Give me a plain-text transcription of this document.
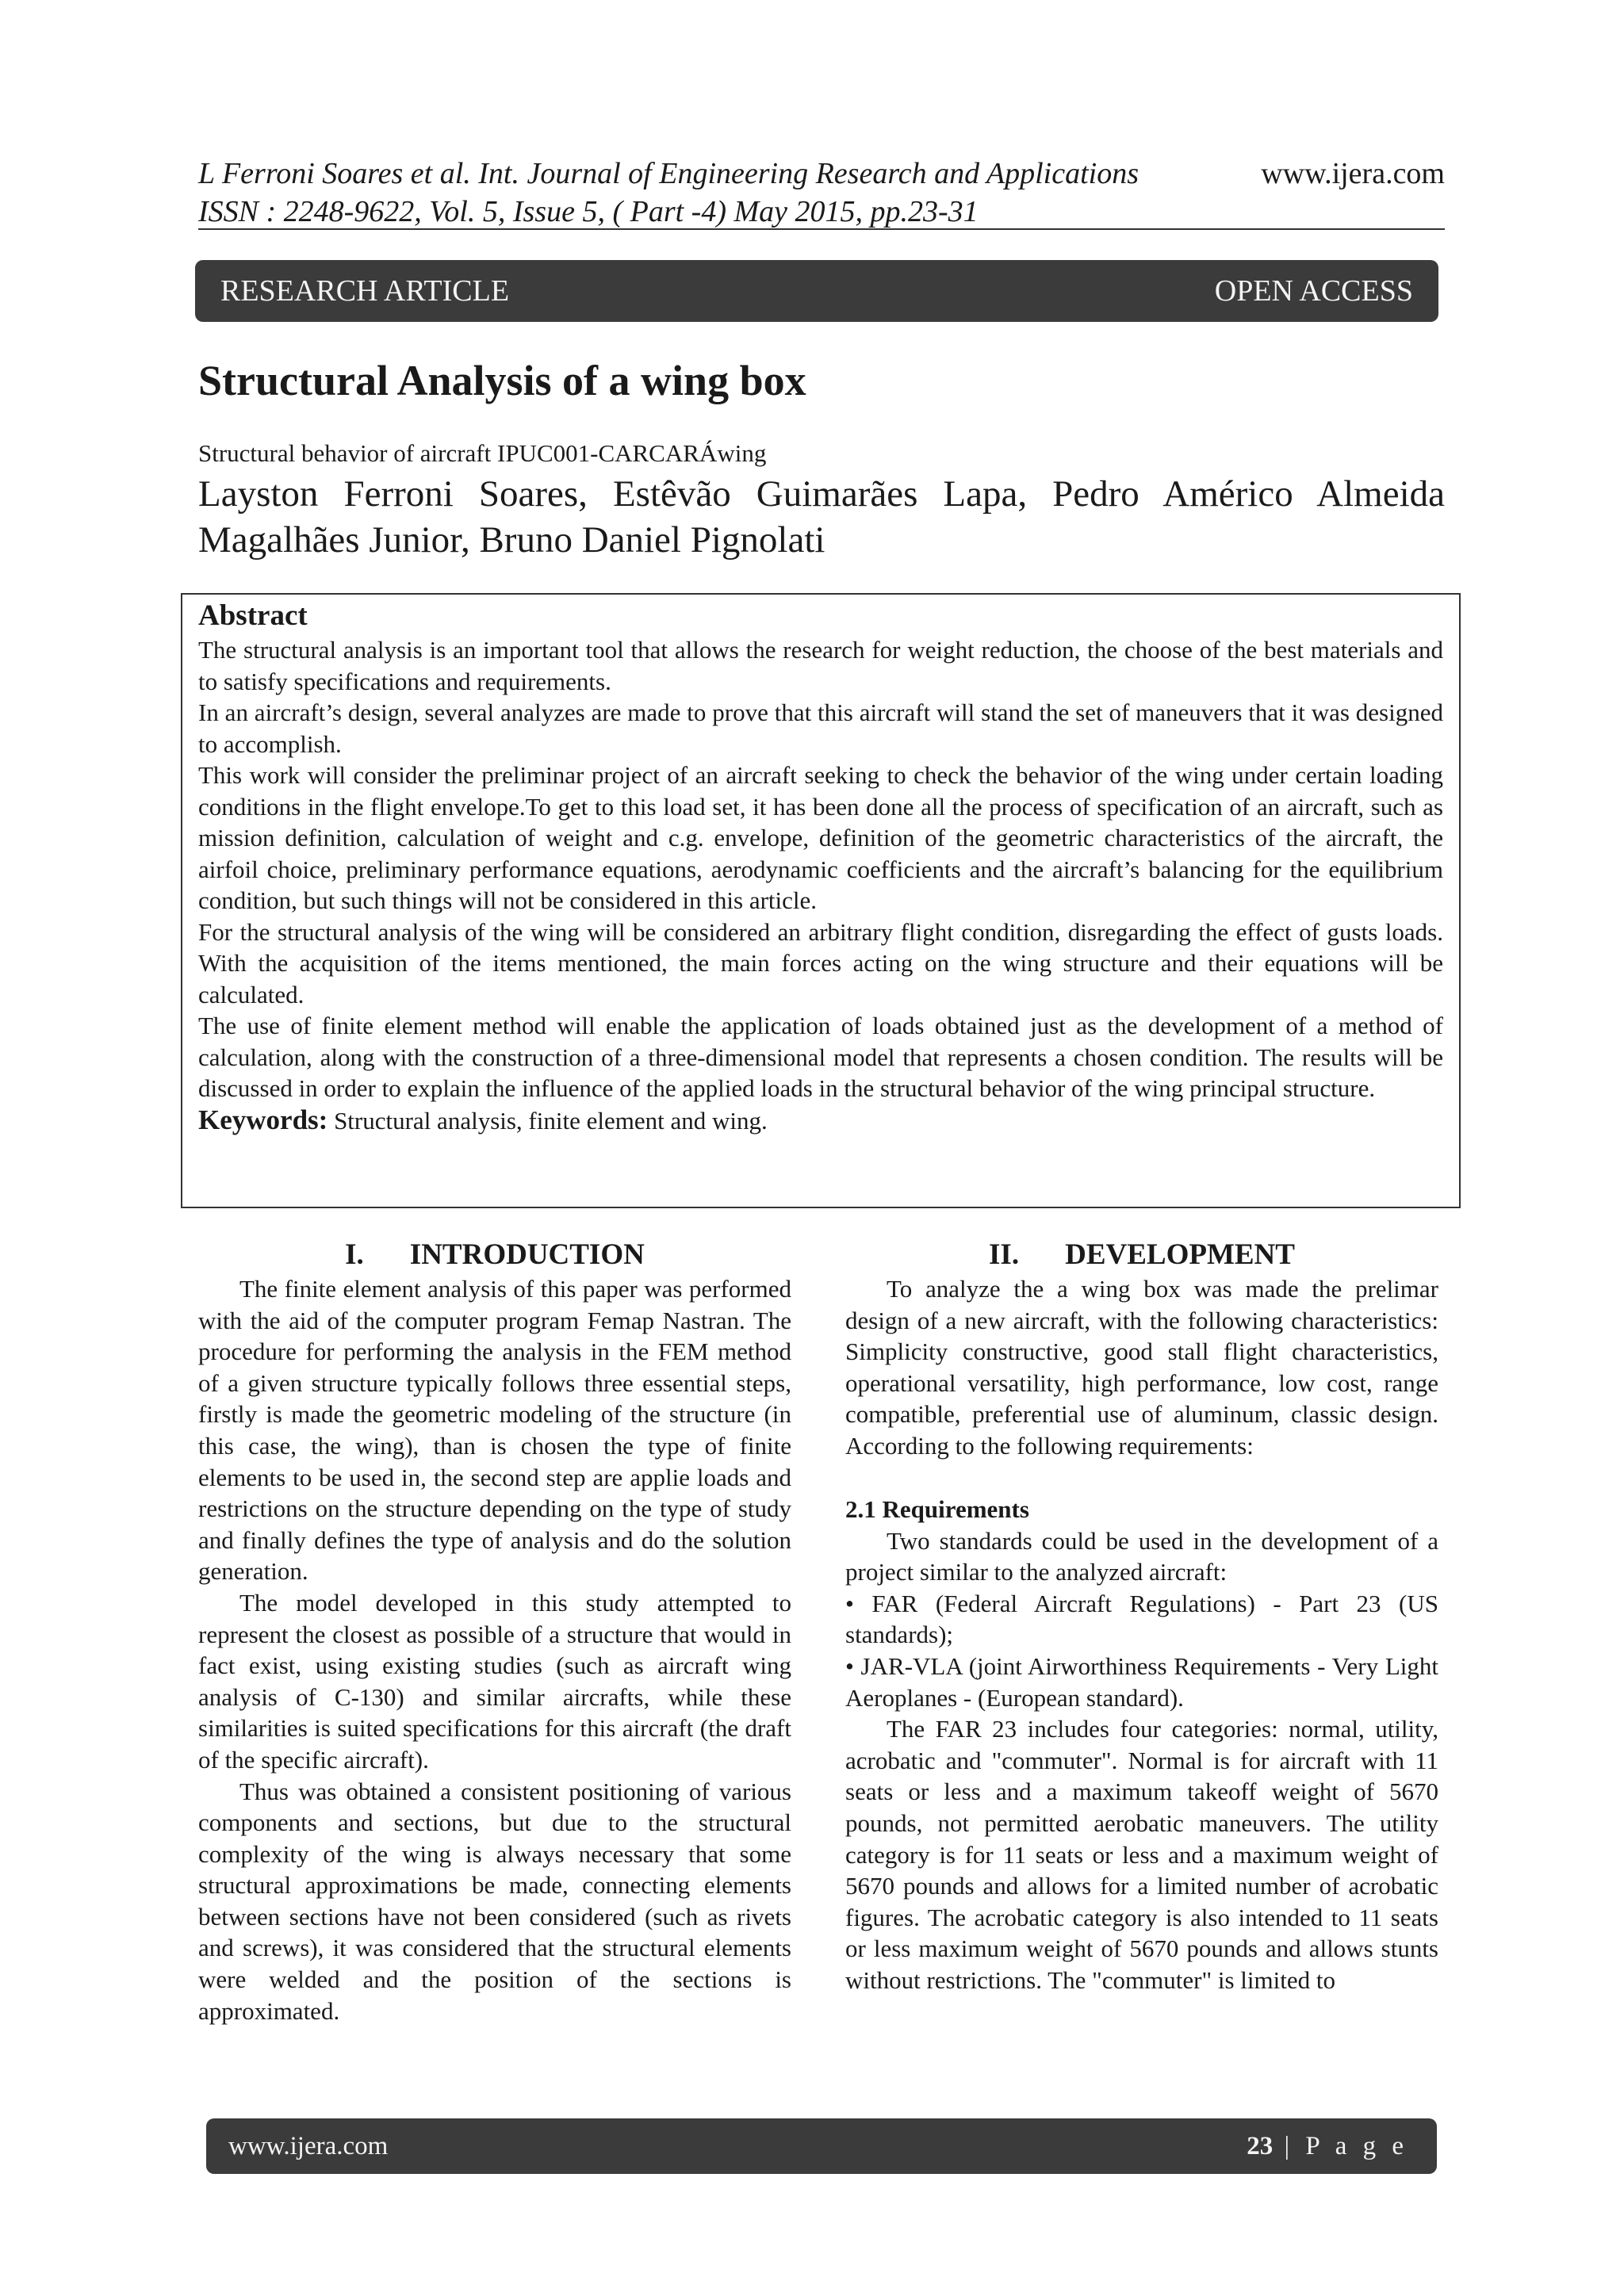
L Ferroni Soares et al. Int. Journal of Engineering Research and Applications
ISSN : 2248-9622, Vol. 5, Issue 5, ( Part -4) May 2015, pp.23-31
www.ijera.com
RESEARCH ARTICLE	OPEN ACCESS
Structural Analysis of a wing box
Structural behavior of aircraft IPUC001-CARCARÁwing
Layston Ferroni Soares, Estêvão Guimarães Lapa, Pedro Américo Almeida Magalhães Junior, Bruno Daniel Pignolati
Abstract

The structural analysis is an important tool that allows the research for weight reduction, the choose of the best materials and to satisfy specifications and requirements.

In an aircraft’s design, several analyzes are made to prove that this aircraft will stand the set of maneuvers that it was designed to accomplish.

This work will consider the preliminar project of an aircraft seeking to check the behavior of the wing under certain loading conditions in the flight envelope.To get to this load set, it has been done all the process of specification of an aircraft, such as mission definition, calculation of weight and c.g. envelope, definition of the geometric characteristics of the aircraft, the airfoil choice, preliminary performance equations, aerodynamic coefficients and the aircraft’s balancing for the equilibrium condition, but such things will not be considered in this article.

For the structural analysis of the wing will be considered an arbitrary flight condition, disregarding the effect of gusts loads. With the acquisition of the items mentioned, the main forces acting on the wing structure and their equations will be calculated.

The use of finite element method will enable the application of loads obtained just as the development of a method of calculation, along with the construction of a three-dimensional model that represents a chosen condition. The results will be discussed in order to explain the influence of the applied loads in the structural behavior of the wing principal structure.

Keywords: Structural analysis, finite element and wing.

I. INTRODUCTION

The finite element analysis of this paper was performed with the aid of the computer program Femap Nastran. The procedure for performing the analysis in the FEM method of a given structure typically follows three essential steps, firstly is made the geometric modeling of the structure (in this case, the wing), than is chosen the type of finite elements to be used in, the second step are applie loads and restrictions on the structure depending on the type of study and finally defines the type of analysis and do the solution generation.

The model developed in this study attempted to represent the closest as possible of a structure that would in fact exist, using existing studies (such as aircraft wing analysis of C-130) and similar aircrafts, while these similarities is suited specifications for this aircraft (the draft of the specific aircraft).

Thus was obtained a consistent positioning of various components and sections, but due to the structural complexity of the wing is always necessary that some structural approximations be made, connecting elements between sections have not been considered (such as rivets and screws), it was considered that the structural elements were welded and the position of the sections is approximated.

II. DEVELOPMENT

To analyze the a wing box was made the prelimar design of a new aircraft, with the following characteristics: Simplicity constructive, good stall flight characteristics, operational versatility, high performance, low cost, range compatible, preferential use of aluminum, classic design. According to the following requirements:

2.1 Requirements

Two standards could be used in the development of a project similar to the analyzed aircraft:

• FAR (Federal Aircraft Regulations) - Part 23 (US standards);

• JAR-VLA (joint Airworthiness Requirements - Very Light Aeroplanes - (European standard).

The FAR 23 includes four categories: normal, utility, acrobatic and "commuter". Normal is for aircraft with 11 seats or less and a maximum takeoff weight of 5670 pounds, not permitted aerobatic maneuvers. The utility category is for 11 seats or less and a maximum weight of 5670 pounds and allows for a limited number of acrobatic figures. The acrobatic category is also intended to 11 seats or less maximum weight of 5670 pounds and allows stunts without restrictions. The "commuter" is limited to

www.ijera.com	23 | P a g e
